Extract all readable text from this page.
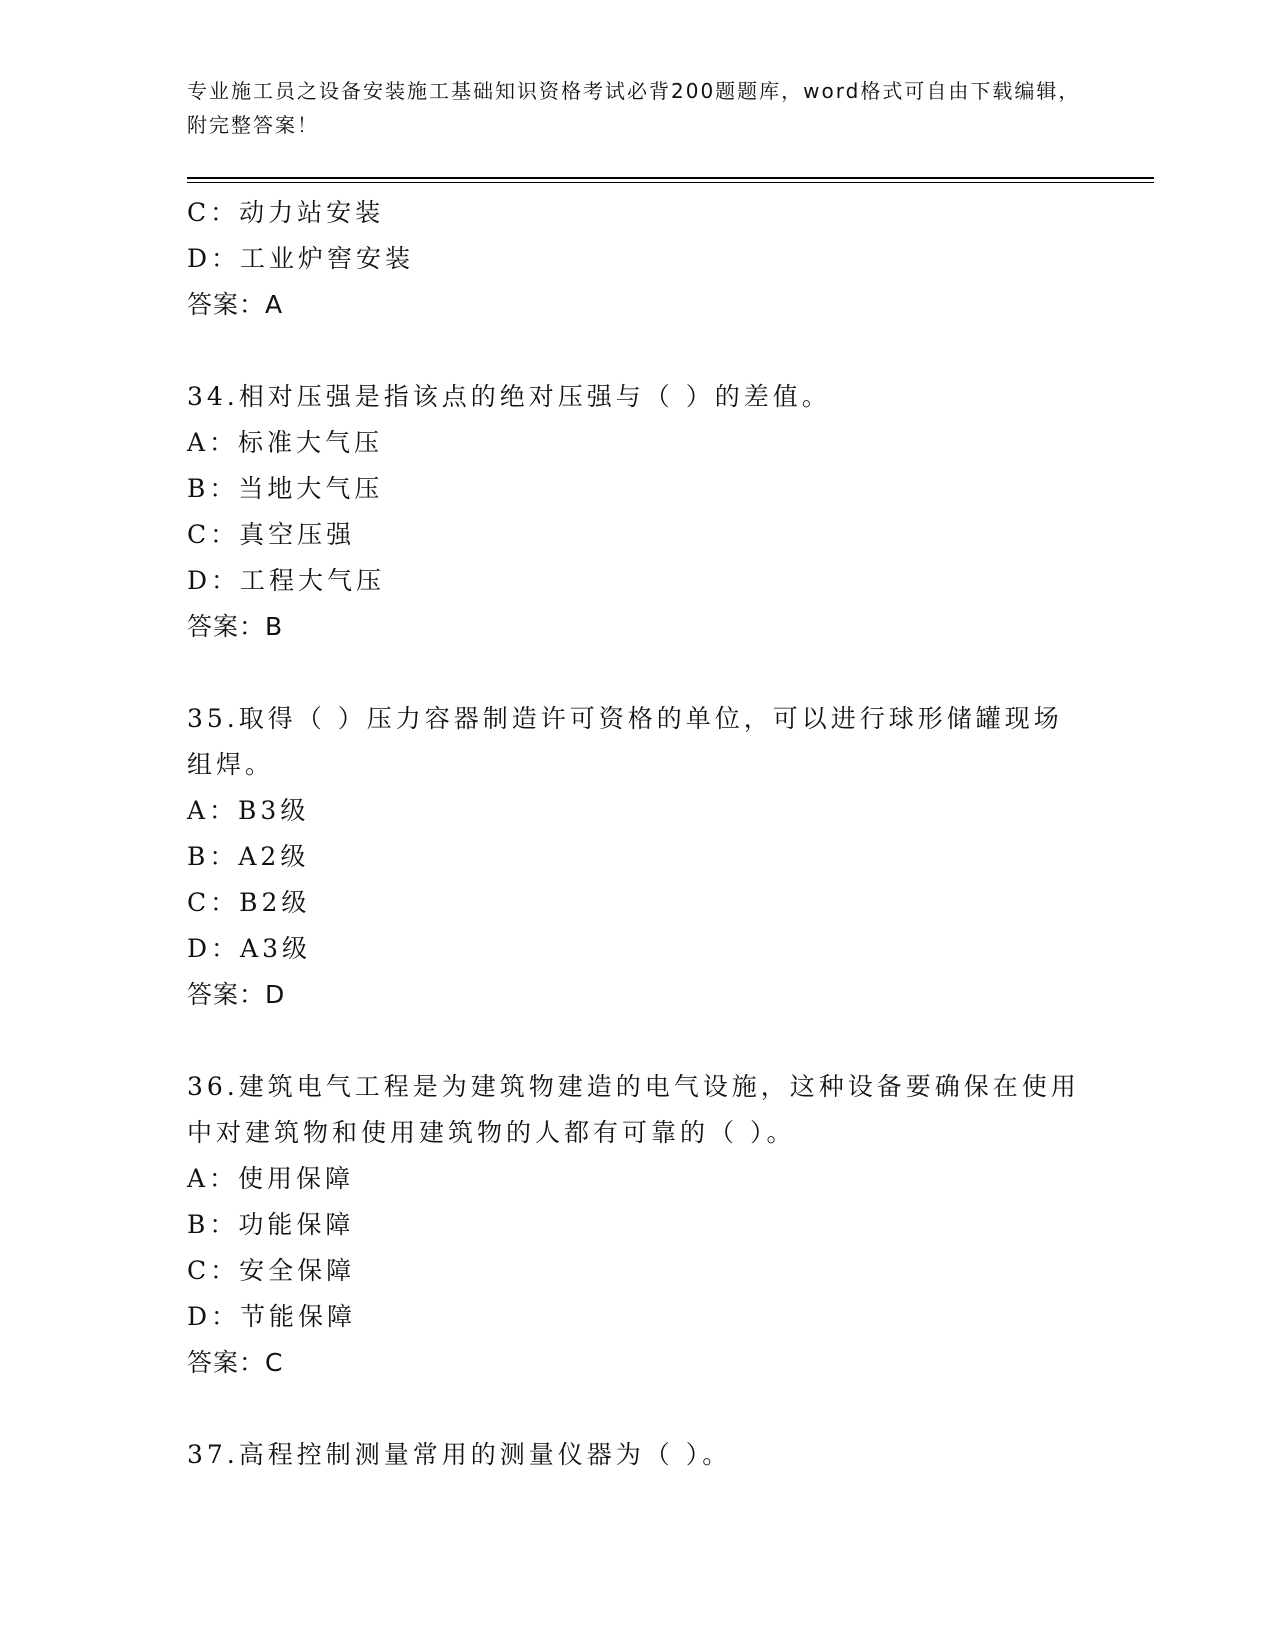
专业施工员之设备安装施工基础知识资格考试必背200题题库，word格式可自由下载编辑，附完整答案！
C：动力站安装
D：工业炉窖安装
答案：A
34.相对压强是指该点的绝对压强与（ ）的差值。
A：标准大气压
B：当地大气压
C：真空压强
D：工程大气压
答案：B
35.取得（ ）压力容器制造许可资格的单位，可以进行球形储罐现场
组焊。
A：B3级
B：A2级
C：B2级
D：A3级
答案：D
36.建筑电气工程是为建筑物建造的电气设施，这种设备要确保在使用
中对建筑物和使用建筑物的人都有可靠的（ ）。
A：使用保障
B：功能保障
C：安全保障
D：节能保障
答案：C
37.高程控制测量常用的测量仪器为（ ）。
